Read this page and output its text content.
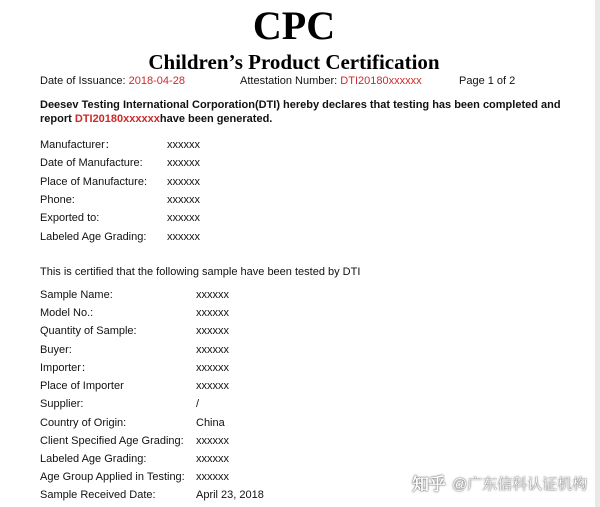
CPC
Children’s Product Certification
Date of Issuance: 2018-04-28	Attestation Number: DTI20180xxxxxx	Page 1 of 2
Deesev Testing International Corporation(DTI) hereby declares that testing has been completed and report DTI20180xxxxxxhave been generated.
Manufacturer：	xxxxxx
Date of Manufacture: xxxxxx
Place of Manufacture: xxxxxx
Phone:	xxxxxx
Exported to:	xxxxxx
Labeled Age Grading: xxxxxx
This is certified that the following sample have been tested by DTI
Sample Name:	xxxxxx
Model No.:	xxxxxx
Quantity of Sample:	xxxxxx
Buyer:	xxxxxx
Importer：	xxxxxx
Place of Importer	xxxxxx
Supplier:	/
Country of Origin:	China
Client Specified Age Grading: xxxxxx
Labeled Age Grading:	xxxxxx
Age Group Applied in Testing: xxxxxx
Sample Received Date:	April 23, 2018
知乎 @广东信科认证机构
